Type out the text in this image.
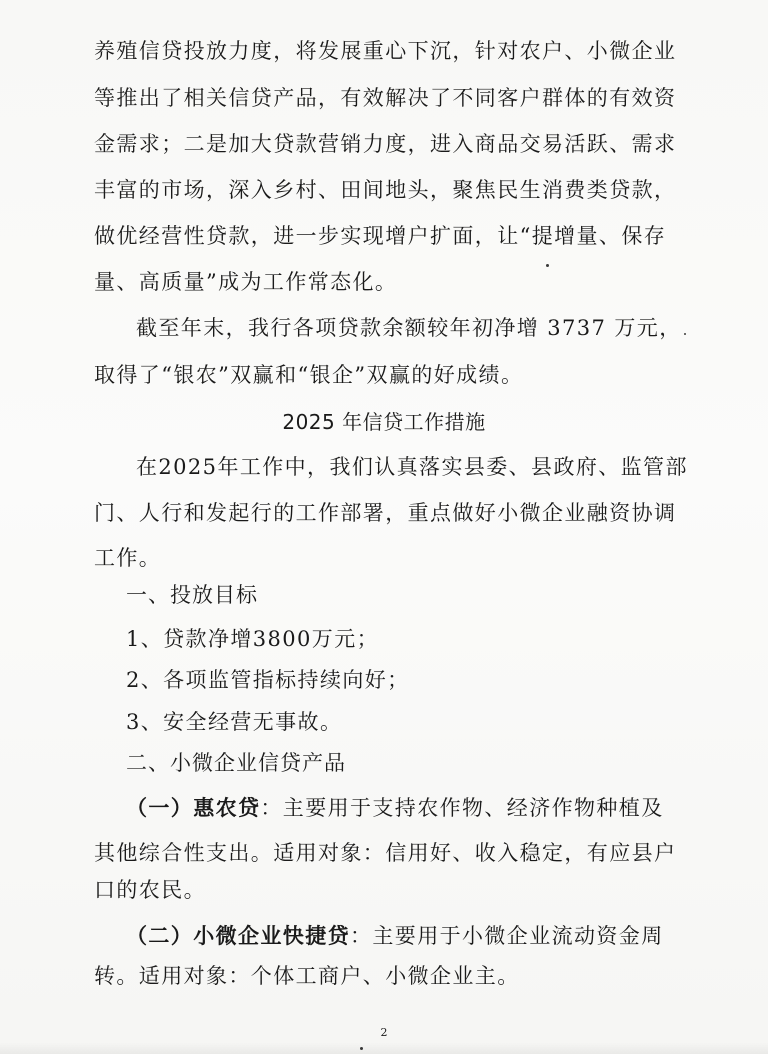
养殖信贷投放力度，将发展重心下沉，针对农户、小微企业
等推出了相关信贷产品，有效解决了不同客户群体的有效资
金需求；二是加大贷款营销力度，进入商品交易活跃、需求
丰富的市场，深入乡村、田间地头，聚焦民生消费类贷款，
做优经营性贷款，进一步实现增户扩面，让“提增量、保存
量、高质量”成为工作常态化。
截至年末，我行各项贷款余额较年初净增 3737 万元，
取得了“银农”双赢和“银企”双赢的好成绩。
2025 年信贷工作措施
在2025年工作中，我们认真落实县委、县政府、监管部
门、人行和发起行的工作部署，重点做好小微企业融资协调
工作。
一、投放目标
1、贷款净增3800万元；
2、各项监管指标持续向好；
3、安全经营无事故。
二、小微企业信贷产品
（一）惠农贷：主要用于支持农作物、经济作物种植及
其他综合性支出。适用对象：信用好、收入稳定，有应县户
口的农民。
（二）小微企业快捷贷：主要用于小微企业流动资金周
转。适用对象：个体工商户、小微企业主。
2
